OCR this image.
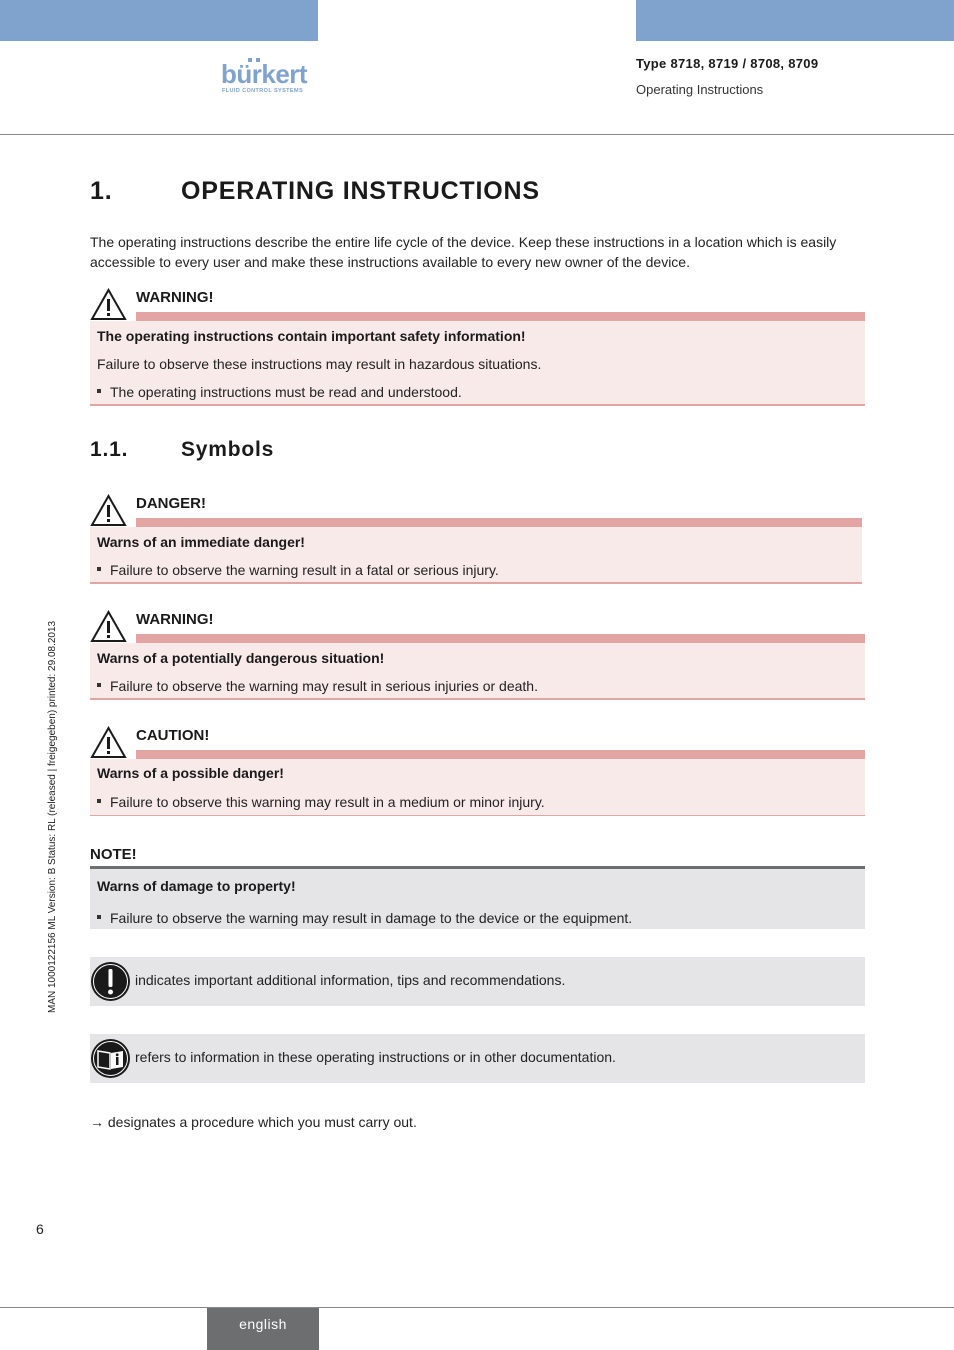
bürkert
FLUID CONTROL SYSTEMS
Type 8718, 8719 / 8708, 8709
Operating Instructions
MAN 1000122156 ML Version: B Status: RL (released | freigegeben) printed: 29.08.2013
1.	OPERATING INSTRUCTIONS
The operating instructions describe the entire life cycle of the device. Keep these instructions in a location which is easily accessible to every user and make these instructions available to every new owner of the device.
WARNING!
The operating instructions contain important safety information!
Failure to observe these instructions may result in hazardous situations.
The operating instructions must be read and understood.
1.1.	Symbols
DANGER!
Warns of an immediate danger!
Failure to observe the warning result in a fatal or serious injury.
WARNING!
Warns of a potentially dangerous situation!
Failure to observe the warning may result in serious injuries or death.
CAUTION!
Warns of a possible danger!
Failure to observe this warning may result in a medium or minor injury.
NOTE!
Warns of damage to property!
Failure to observe the warning may result in damage to the device or the equipment.
indicates important additional information, tips and recommendations.
refers to information in these operating instructions or in other documentation.
→ designates a procedure which you must carry out.
6
english
